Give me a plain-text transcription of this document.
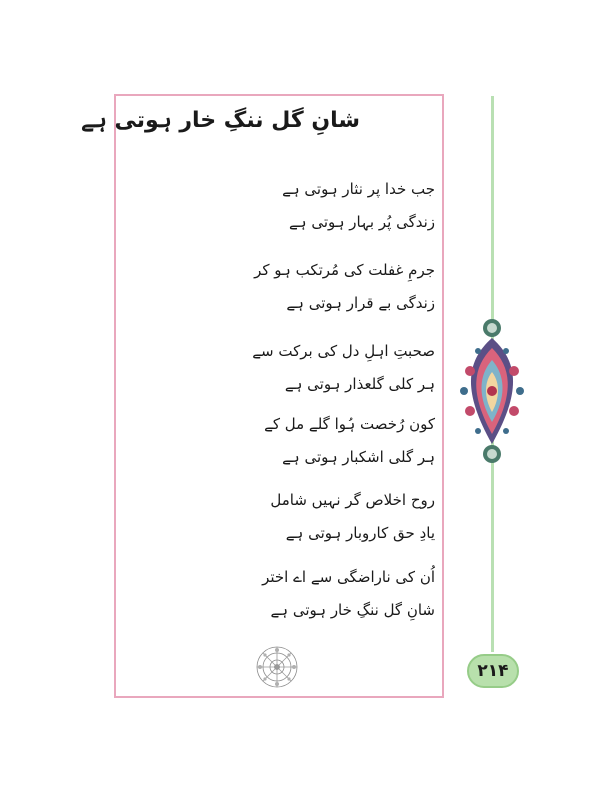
شانِ گل ننگِ خار ہوتی ہے
جب خدا پر نثار ہوتی ہے
زندگی پُر بہار ہوتی ہے
جرمِ غفلت کی مُرتکب ہو کر
زندگی بے قرار ہوتی ہے
صحبتِ اہلِ دل کی برکت سے
ہر کلی گلعذار ہوتی ہے
کون رُخصت ہُوا گلے مل کے
ہر گلی اشکبار ہوتی ہے
روح اخلاص گر نہیں شامل
یادِ حق کاروبار ہوتی ہے
اُن کی ناراضگی سے اے اختر
شانِ گل ننگِ خار ہوتی ہے
۲۱۴
